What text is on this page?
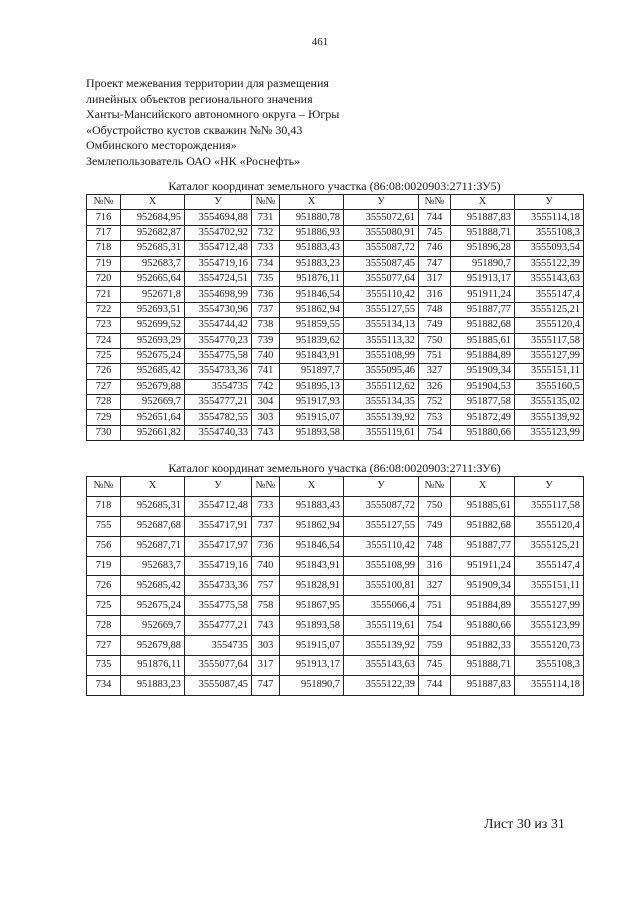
461
Проект межевания территории для размещения
линейных объектов регионального значения
Ханты-Мансийского автономного округа – Югры
«Обустройство кустов скважин №№ 30,43
Омбинского месторождения»
Землепользователь ОАО «НК «Роснефть»
Каталог координат земельного участка (86:08:0020903:2711:ЗУ5)
№№	X	У	№№	X	У	№№	X	У
716	952684,95	3554694,88	731	951880,78	3555072,61	744	951887,83	3555114,18
717	952682,87	3554702,92	732	951886,93	3555080,91	745	951888,71	3555108,3
718	952685,31	3554712,48	733	951883,43	3555087,72	746	951896,28	3555093,54
719	952683,7	3554719,16	734	951883,23	3555087,45	747	951890,7	3555122,39
720	952665,64	3554724,51	735	951876,11	3555077,64	317	951913,17	3555143,63
721	952671,8	3554698,99	736	951846,54	3555110,42	316	951911,24	3555147,4
722	952693,51	3554730,96	737	951862,94	3555127,55	748	951887,77	3555125,21
723	952699,52	3554744,42	738	951859,55	3555134,13	749	951882,68	3555120,4
724	952693,29	3554770,23	739	951839,62	3555113,32	750	951885,61	3555117,58
725	952675,24	3554775,58	740	951843,91	3555108,99	751	951884,89	3555127,99
726	952685,42	3554733,36	741	951897,7	3555095,46	327	951909,34	3555151,11
727	952679,88	3554735	742	951895,13	3555112,62	326	951904,53	3555160,5
728	952669,7	3554777,21	304	951917,93	3555134,35	752	951877,58	3555135,02
729	952651,64	3554782,55	303	951915,07	3555139,92	753	951872,49	3555139,92
730	952661,82	3554740,33	743	951893,58	3555119,61	754	951880,66	3555123,99
Каталог координат земельного участка (86:08:0020903:2711:ЗУ6)
№№	X	У	№№	X	У	№№	X	У
718	952685,31	3554712,48	733	951883,43	3555087,72	750	951885,61	3555117,58
755	952687,68	3554717,91	737	951862,94	3555127,55	749	951882,68	3555120,4
756	952687,71	3554717,97	736	951846,54	3555110,42	748	951887,77	3555125,21
719	952683,7	3554719,16	740	951843,91	3555108,99	316	951911,24	3555147,4
726	952685,42	3554733,36	757	951828,91	3555100,81	327	951909,34	3555151,11
725	952675,24	3554775,58	758	951867,95	3555066,4	751	951884,89	3555127,99
728	952669,7	3554777,21	743	951893,58	3555119,61	754	951880,66	3555123,99
727	952679,88	3554735	303	951915,07	3555139,92	759	951882,33	3555120,73
735	951876,11	3555077,64	317	951913,17	3555143,63	745	951888,71	3555108,3
734	951883,23	3555087,45	747	951890,7	3555122,39	744	951887,83	3555114,18
Лист 30 из 31
